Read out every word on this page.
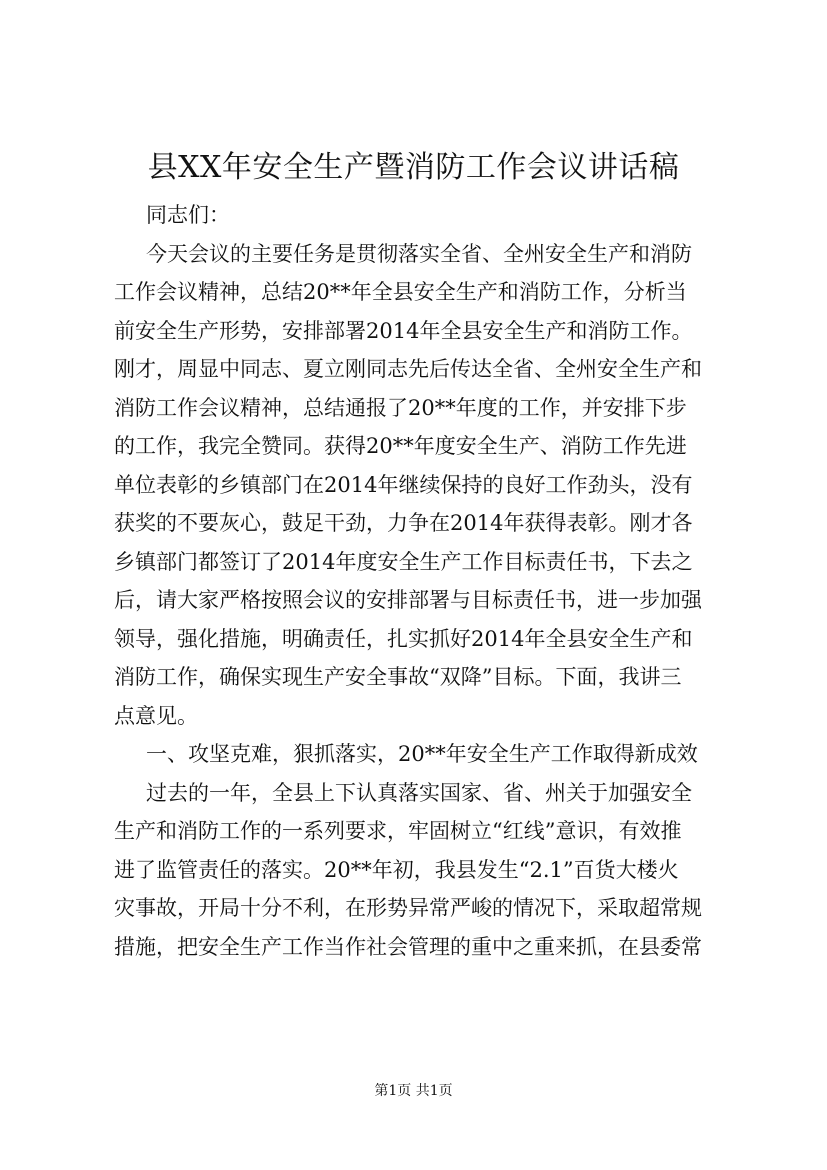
县XX年安全生产暨消防工作会议讲话稿
同志们：
今天会议的主要任务是贯彻落实全省、全州安全生产和消防
工作会议精神，总结20**年全县安全生产和消防工作，分析当
前安全生产形势，安排部署2014年全县安全生产和消防工作。
刚才，周显中同志、夏立刚同志先后传达全省、全州安全生产和
消防工作会议精神，总结通报了20**年度的工作，并安排下步
的工作，我完全赞同。获得20**年度安全生产、消防工作先进
单位表彰的乡镇部门在2014年继续保持的良好工作劲头，没有
获奖的不要灰心，鼓足干劲，力争在2014年获得表彰。刚才各
乡镇部门都签订了2014年度安全生产工作目标责任书，下去之
后，请大家严格按照会议的安排部署与目标责任书，进一步加强
领导，强化措施，明确责任，扎实抓好2014年全县安全生产和
消防工作，确保实现生产安全事故“双降”目标。下面，我讲三
点意见。
一、攻坚克难，狠抓落实，20**年安全生产工作取得新成效
过去的一年，全县上下认真落实国家、省、州关于加强安全
生产和消防工作的一系列要求，牢固树立“红线”意识，有效推
进了监管责任的落实。20**年初，我县发生“2.1”百货大楼火
灾事故，开局十分不利，在形势异常严峻的情况下，采取超常规
措施，把安全生产工作当作社会管理的重中之重来抓，在县委常
第1页 共1页
